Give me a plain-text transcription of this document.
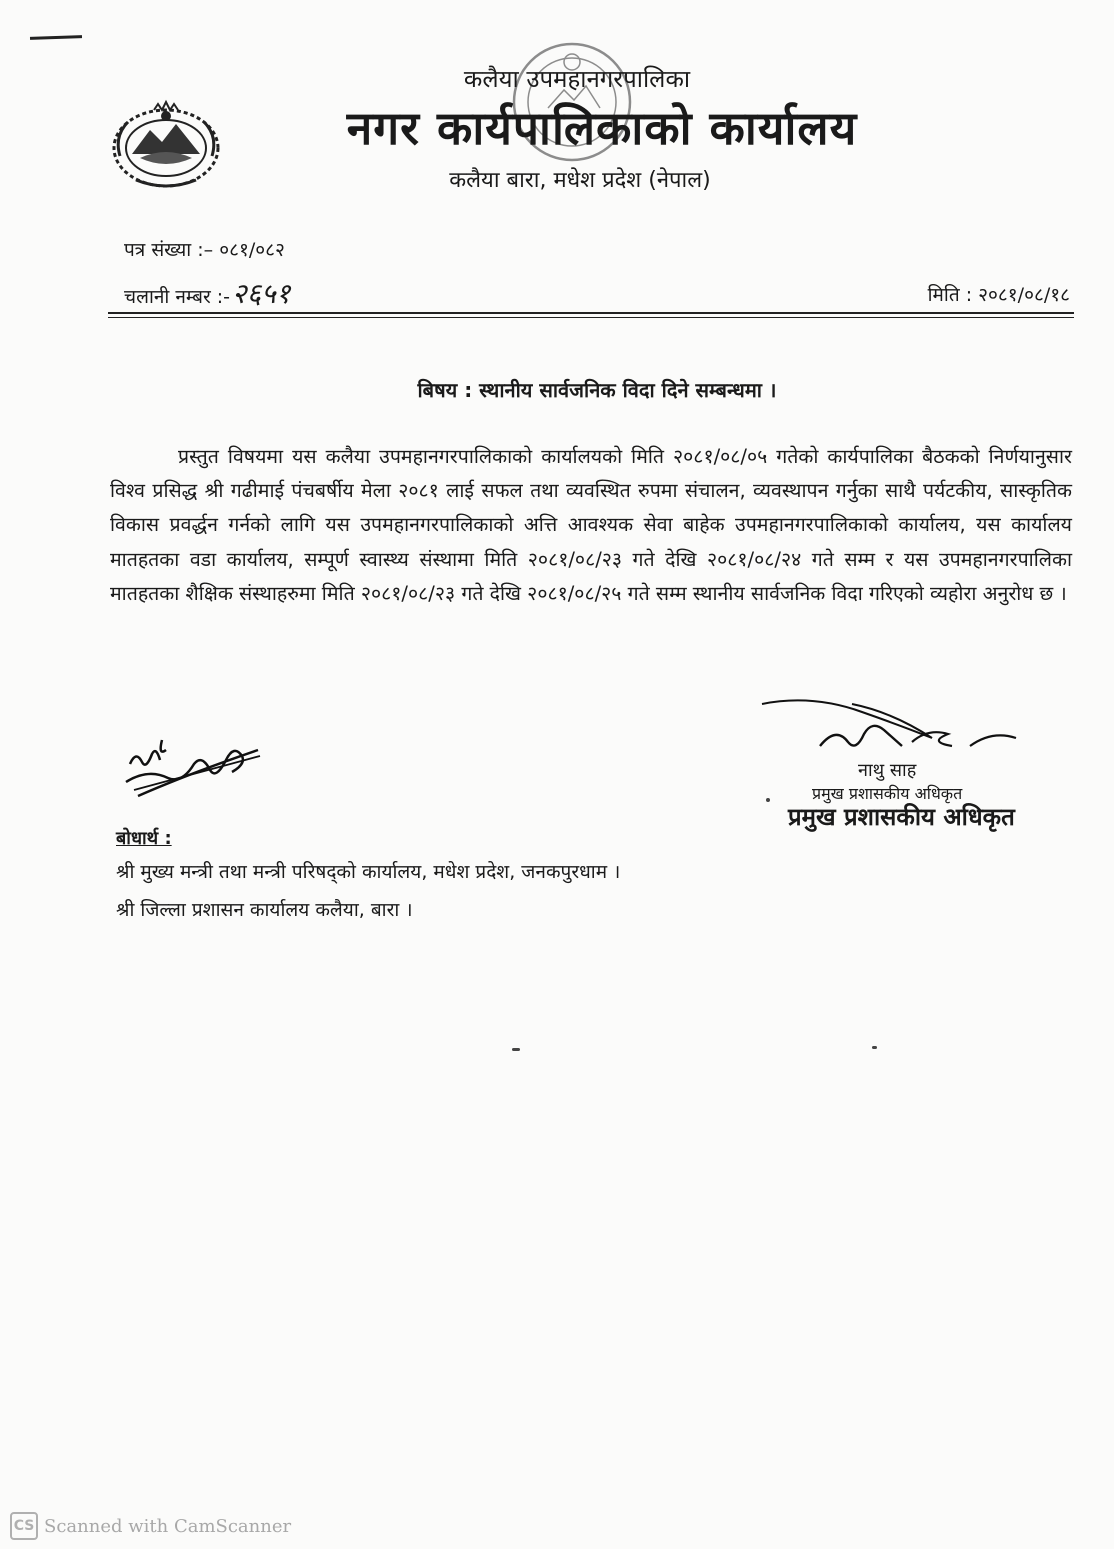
कलैया उपमहानगरपालिका
नगर कार्यपालिकाको कार्यालय
कलैया बारा, मधेश प्रदेश (नेपाल)
पत्र संख्या :– ०८१/०८२
चलानी नम्बर :-२६५१	मिति : २०८१/०८/१८
बिषय : स्थानीय सार्वजनिक विदा दिने सम्बन्धमा ।
प्रस्तुत विषयमा यस कलैया उपमहानगरपालिकाको कार्यालयको मिति २०८१/०८/०५ गतेको कार्यपालिका बैठकको निर्णयानुसार विश्व प्रसिद्ध श्री गढीमाई पंचबर्षीय मेला २०८१ लाई सफल तथा व्यवस्थित रुपमा संचालन, व्यवस्थापन गर्नुका साथै पर्यटकीय, सास्कृतिक विकास प्रवर्द्धन गर्नको लागि यस उपमहानगरपालिकाको अत्ति आवश्यक सेवा बाहेक उपमहानगरपालिकाको कार्यालय, यस कार्यालय मातहतका वडा कार्यालय, सम्पूर्ण स्वास्थ्य संस्थामा मिति २०८१/०८/२३ गते देखि २०८१/०८/२४ गते सम्म र यस उपमहानगरपालिका मातहतका शैक्षिक संस्थाहरुमा मिति २०८१/०८/२३ गते देखि २०८१/०८/२५ गते सम्म स्थानीय सार्वजनिक विदा गरिएको व्यहोरा अनुरोध छ ।
नाथु साह
प्रमुख प्रशासकीय अधिकृत
प्रमुख प्रशासकीय अधिकृत
बोधार्थ :
श्री मुख्य मन्त्री तथा मन्त्री परिषद्को कार्यालय, मधेश प्रदेश, जनकपुरधाम ।
श्री जिल्ला प्रशासन कार्यालय कलैया, बारा ।
CS Scanned with CamScanner
